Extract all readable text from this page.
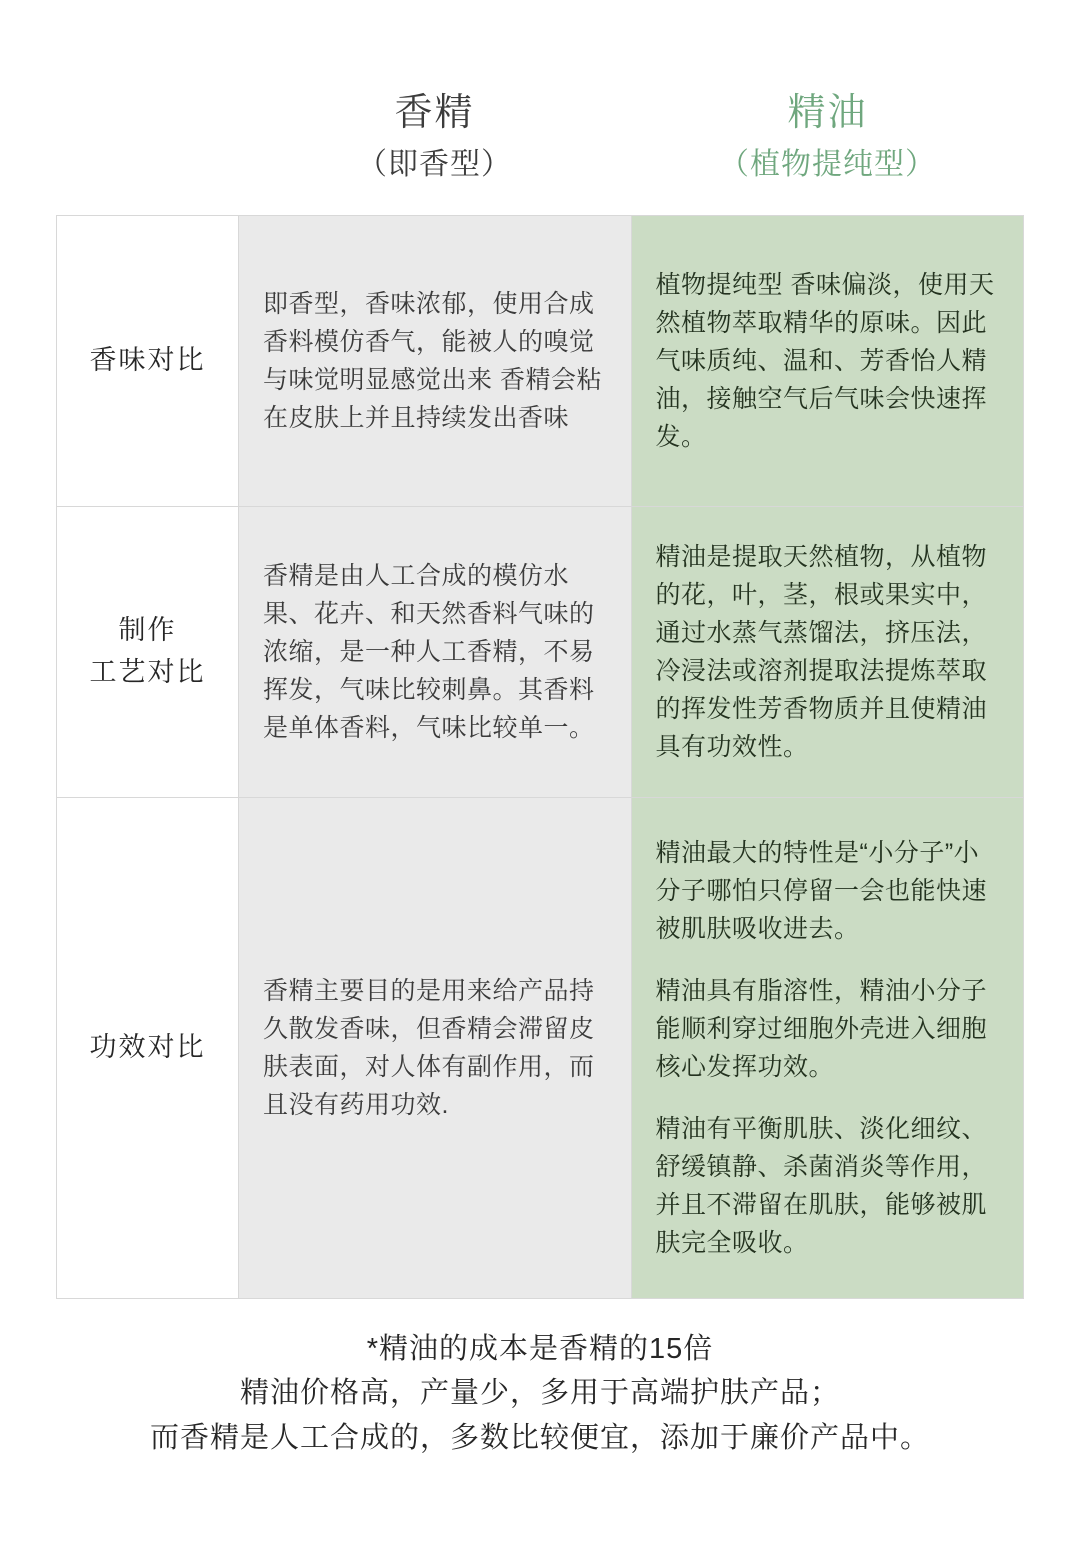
香精
（即香型）
精油
（植物提纯型）
香味对比
即香型，香味浓郁，使用合成香料模仿香气，能被人的嗅觉与味觉明显感觉出来 香精会粘在皮肤上并且持续发出香味

植物提纯型 香味偏淡，使用天然植物萃取精华的原味。因此气味质纯、温和、芳香怡人精油，接触空气后气味会快速挥发。

制作
工艺对比
香精是由人工合成的模仿水果、花卉、和天然香料气味的浓缩，是一种人工香精，不易挥发，气味比较刺鼻。其香料是单体香料，气味比较单一。

精油是提取天然植物，从植物的花，叶，茎，根或果实中，通过水蒸气蒸馏法，挤压法，冷浸法或溶剂提取法提炼萃取的挥发性芳香物质并且使精油具有功效性。

功效对比
香精主要目的是用来给产品持久散发香味，但香精会滞留皮肤表面，对人体有副作用，而且没有药用功效.

精油最大的特性是“小分子”小分子哪怕只停留一会也能快速被肌肤吸收进去。

精油具有脂溶性，精油小分子能顺利穿过细胞外壳进入细胞核心发挥功效。

精油有平衡肌肤、淡化细纹、舒缓镇静、杀菌消炎等作用，并且不滞留在肌肤，能够被肌肤完全吸收。

*精油的成本是香精的15倍
精油价格高，产量少，多用于高端护肤产品；
而香精是人工合成的，多数比较便宜，添加于廉价产品中。
